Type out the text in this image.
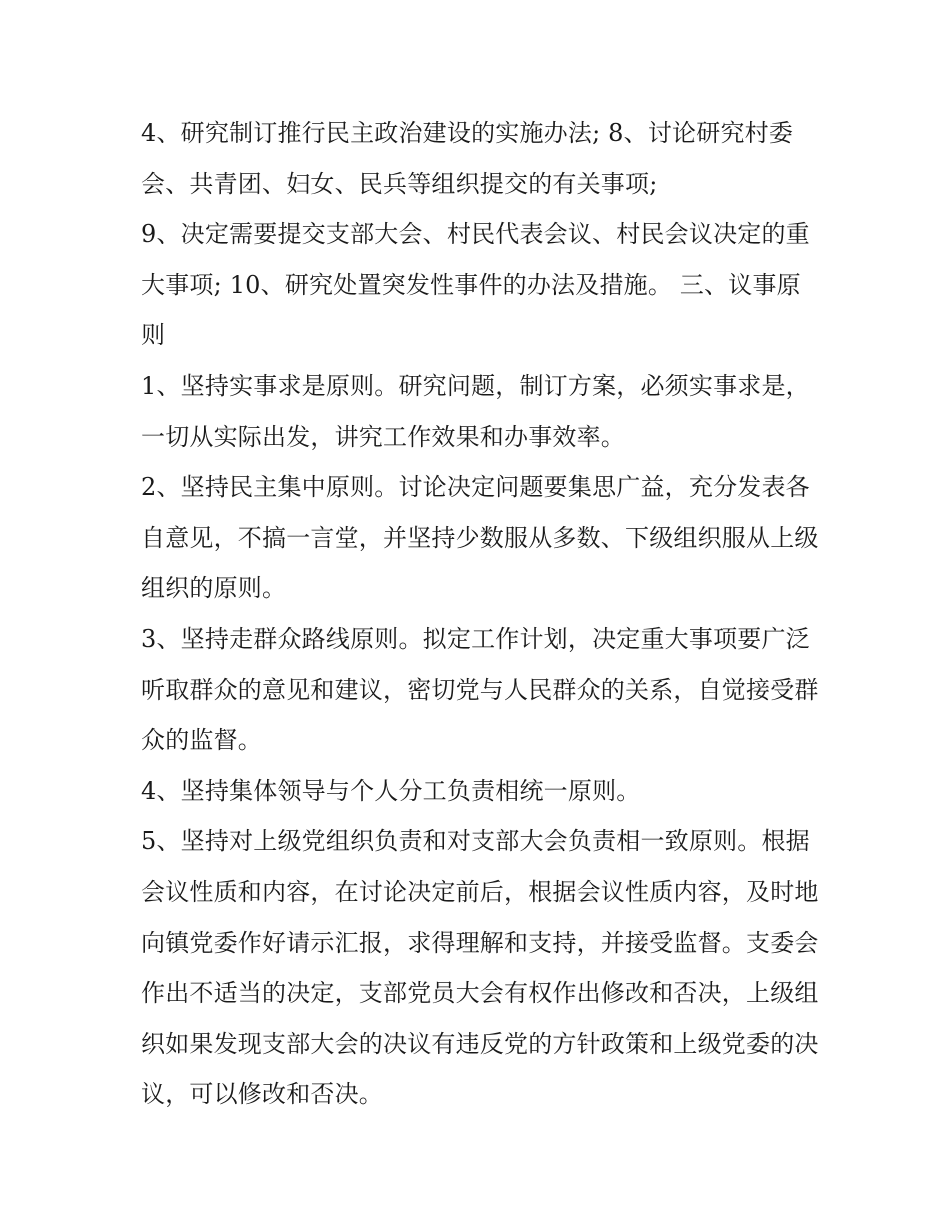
4、研究制订推行民主政治建设的实施办法; 8、讨论研究村委会、共青团、妇女、民兵等组织提交的有关事项;

9、决定需要提交支部大会、村民代表会议、村民会议决定的重大事项; 10、研究处置突发性事件的办法及措施。 三、议事原则

1、坚持实事求是原则。研究问题，制订方案，必须实事求是，一切从实际出发，讲究工作效果和办事效率。

2、坚持民主集中原则。讨论决定问题要集思广益，充分发表各自意见，不搞一言堂，并坚持少数服从多数、下级组织服从上级组织的原则。

3、坚持走群众路线原则。拟定工作计划，决定重大事项要广泛听取群众的意见和建议，密切党与人民群众的关系，自觉接受群众的监督。

4、坚持集体领导与个人分工负责相统一原则。

5、坚持对上级党组织负责和对支部大会负责相一致原则。根据会议性质和内容，在讨论决定前后，根据会议性质内容，及时地向镇党委作好请示汇报，求得理解和支持，并接受监督。支委会作出不适当的决定，支部党员大会有权作出修改和否决，上级组织如果发现支部大会的决议有违反党的方针政策和上级党委的决议，可以修改和否决。
